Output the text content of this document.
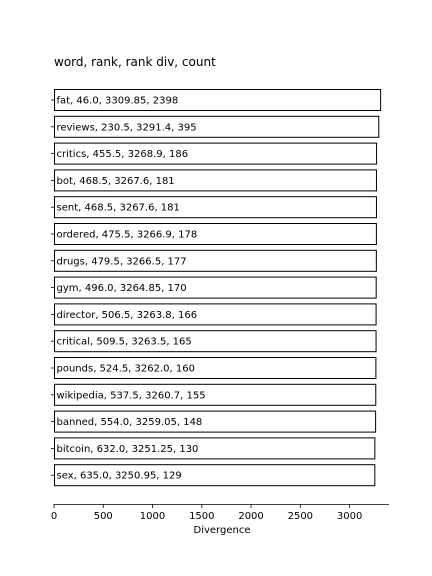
word, rank, rank div, count
fat, 46.0, 3309.85, 2398
reviews, 230.5, 3291.4, 395
critics, 455.5, 3268.9, 186
bot, 468.5, 3267.6, 181
sent, 468.5, 3267.6, 181
ordered, 475.5, 3266.9, 178
drugs, 479.5, 3266.5, 177
gym, 496.0, 3264.85, 170
director, 506.5, 3263.8, 166
critical, 509.5, 3263.5, 165
pounds, 524.5, 3262.0, 160
wikipedia, 537.5, 3260.7, 155
banned, 554.0, 3259.05, 148
bitcoin, 632.0, 3251.25, 130
sex, 635.0, 3250.95, 129
0	500	1000 1500 2000 2500 3000
Divergence
